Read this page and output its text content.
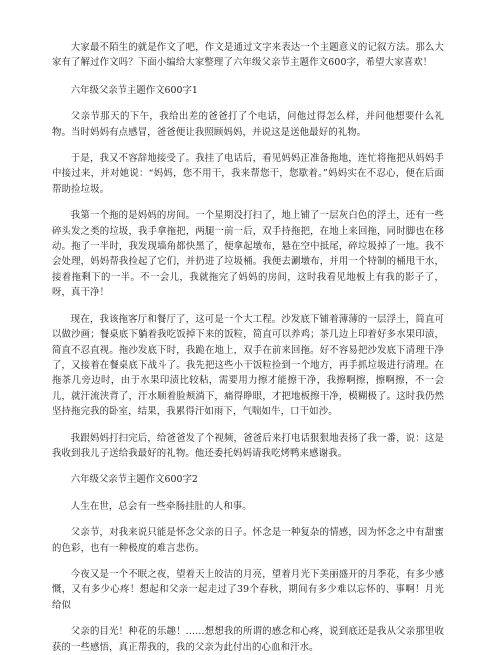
大家最不陌生的就是作文了吧，作文是通过文字来表达一个主题意义的记叙方法。那么大家有了解过作文吗？下面小编给大家整理了六年级父亲节主题作文600字，希望大家喜欢！

六年级父亲节主题作文600字1

父亲节那天的下午，我给出差的爸爸打了个电话，问他过得怎么样，并问他想要什么礼物。当时妈妈有点感冒，爸爸便让我照顾妈妈，并说这是送他最好的礼物。

于是，我又不容辞地接受了。我挂了电话后，看见妈妈正准备拖地，连忙将拖把从妈妈手中接过来，并对她说：“妈妈，您不用干，我来帮您干，您歇着。”妈妈实在不忍心，便在后面帮助捡垃圾。

我第一个拖的是妈妈的房间。一个星期没打扫了，地上铺了一层灰白色的浮土，还有一些碎头发之类的垃圾，我手拿拖把，两腿一前一后，双手持拖把，在地上来回拖，同时脚也在移动。拖了一半时，我发现墙角都快黑了，便拿起墩布，悬在空中抵尾，碎垃圾掉了一地。我不会处理，妈妈帮我捡起了它们，并扔进了垃圾桶。我便去涮墩布，并用一个特制的桶甩干水，接着拖剩下的一半。不一会儿，我就拖完了妈妈的房间，这时我看见地板上有我的影子了，呀，真干净！

现在，我该拖客厅和餐厅了，这可是一个大工程。沙发底下铺着薄薄的一层浮土，简直可以做沙画；餐桌底下躺着我吃饭掉下来的饭粒，简直可以养鸡；茶几边上印着好多水果印渍，简直不忍直视。拖沙发底下时，我跪在地上，双手在前来回拖。好不容易把沙发底下清理干净了，又接着在餐桌底下战斗了。我先把这些小干饭粒捡到一个地方，再手抓垃圾进行清理。在拖茶几旁边时，由于水果印渍比较粘，需要用力擦才能擦干净，我擦啊擦，擦啊擦，不一会儿，就汗流浃背了，汗水顺着脸颊淌下，痛得睁眼，才把地板擦干净，模糊极了。这时我仍然坚持拖完我的卧室，结果，我累得汗如雨下，气喘如牛，口干如沙。

我跟妈妈打扫完后，给爸爸发了个视频，爸爸后来打电话狠狠地表扬了我一番，说：这是我收到我儿子送给我最好的礼物。他还委托妈妈请我吃烤鸭来感谢我。

六年级父亲节主题作文600字2

人生在世，总会有一些牵肠挂肚的人和事。

父亲节，对我来说只能是怀念父亲的日子。怀念是一种复杂的情感，因为怀念之中有甜蜜的色彩，也有一种极度的难言悲伤。

今夜又是一个不眠之夜，望着天上皎洁的月亮，望着月光下美丽盛开的月季花，有多少感慨，又有多少心疼！想起和父亲一起走过了39个春秋，期间有多少难以忘怀的、事啊！月光给似

父亲的目光！种花的乐趣！……想想我的所谓的感念和心疼，说到底还是我从父亲那里收获的一些感悟，真正帮我的，我的父亲为此付出的心血和汗水。
